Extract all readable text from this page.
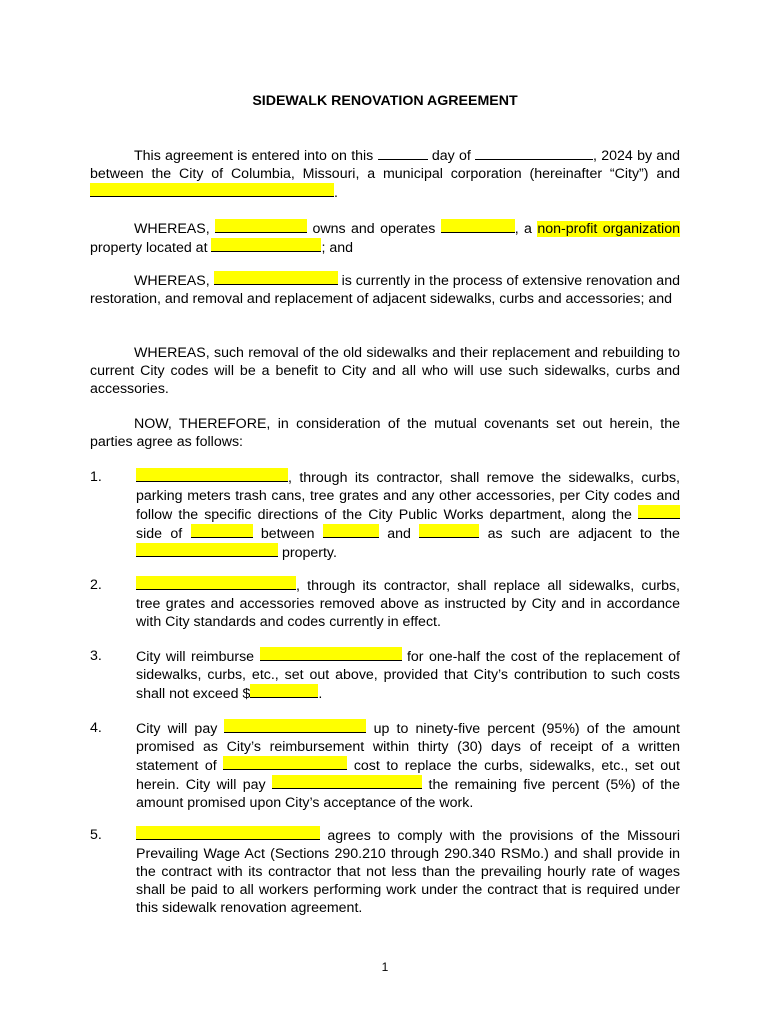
SIDEWALK RENOVATION AGREEMENT
This agreement is entered into on this	day of	, 2024 by and between the City of Columbia, Missouri, a municipal corporation (hereinafter “City”) and .
WHEREAS,	owns and operates	, a non-profit organization property located at	; and
WHEREAS,	is currently in the process of extensive renovation and restoration, and removal and replacement of adjacent sidewalks, curbs and accessories; and
WHEREAS, such removal of the old sidewalks and their replacement and rebuilding to current City codes will be a benefit to City and all who will use such sidewalks, curbs and accessories.
NOW, THEREFORE, in consideration of the mutual covenants set out herein, the parties agree as follows:
1.	, through its contractor, shall remove the sidewalks, curbs, parking meters trash cans, tree grates and any other accessories, per City codes and follow the specific directions of the City Public Works department, along the  side of	between	and	as such are adjacent to the  property.
2.	, through its contractor, shall replace all sidewalks, curbs, tree grates and accessories removed above as instructed by City and in accordance with City standards and codes currently in effect.
3. City will reimburse	for one-half the cost of the replacement of sidewalks, curbs, etc., set out above, provided that City’s contribution to such costs shall not exceed $	.
4. City will pay	up to ninety-five percent (95%) of the amount promised as City’s reimbursement within thirty (30) days of receipt of a written statement of	cost to replace the curbs, sidewalks, etc., set out herein. City will pay	the remaining five percent (5%) of the amount promised upon City’s acceptance of the work.
5.	agrees to comply with the provisions of the Missouri Prevailing Wage Act (Sections 290.210 through 290.340 RSMo.) and shall provide in the contract with its contractor that not less than the prevailing hourly rate of wages shall be paid to all workers performing work under the contract that is required under this sidewalk renovation agreement.
1
